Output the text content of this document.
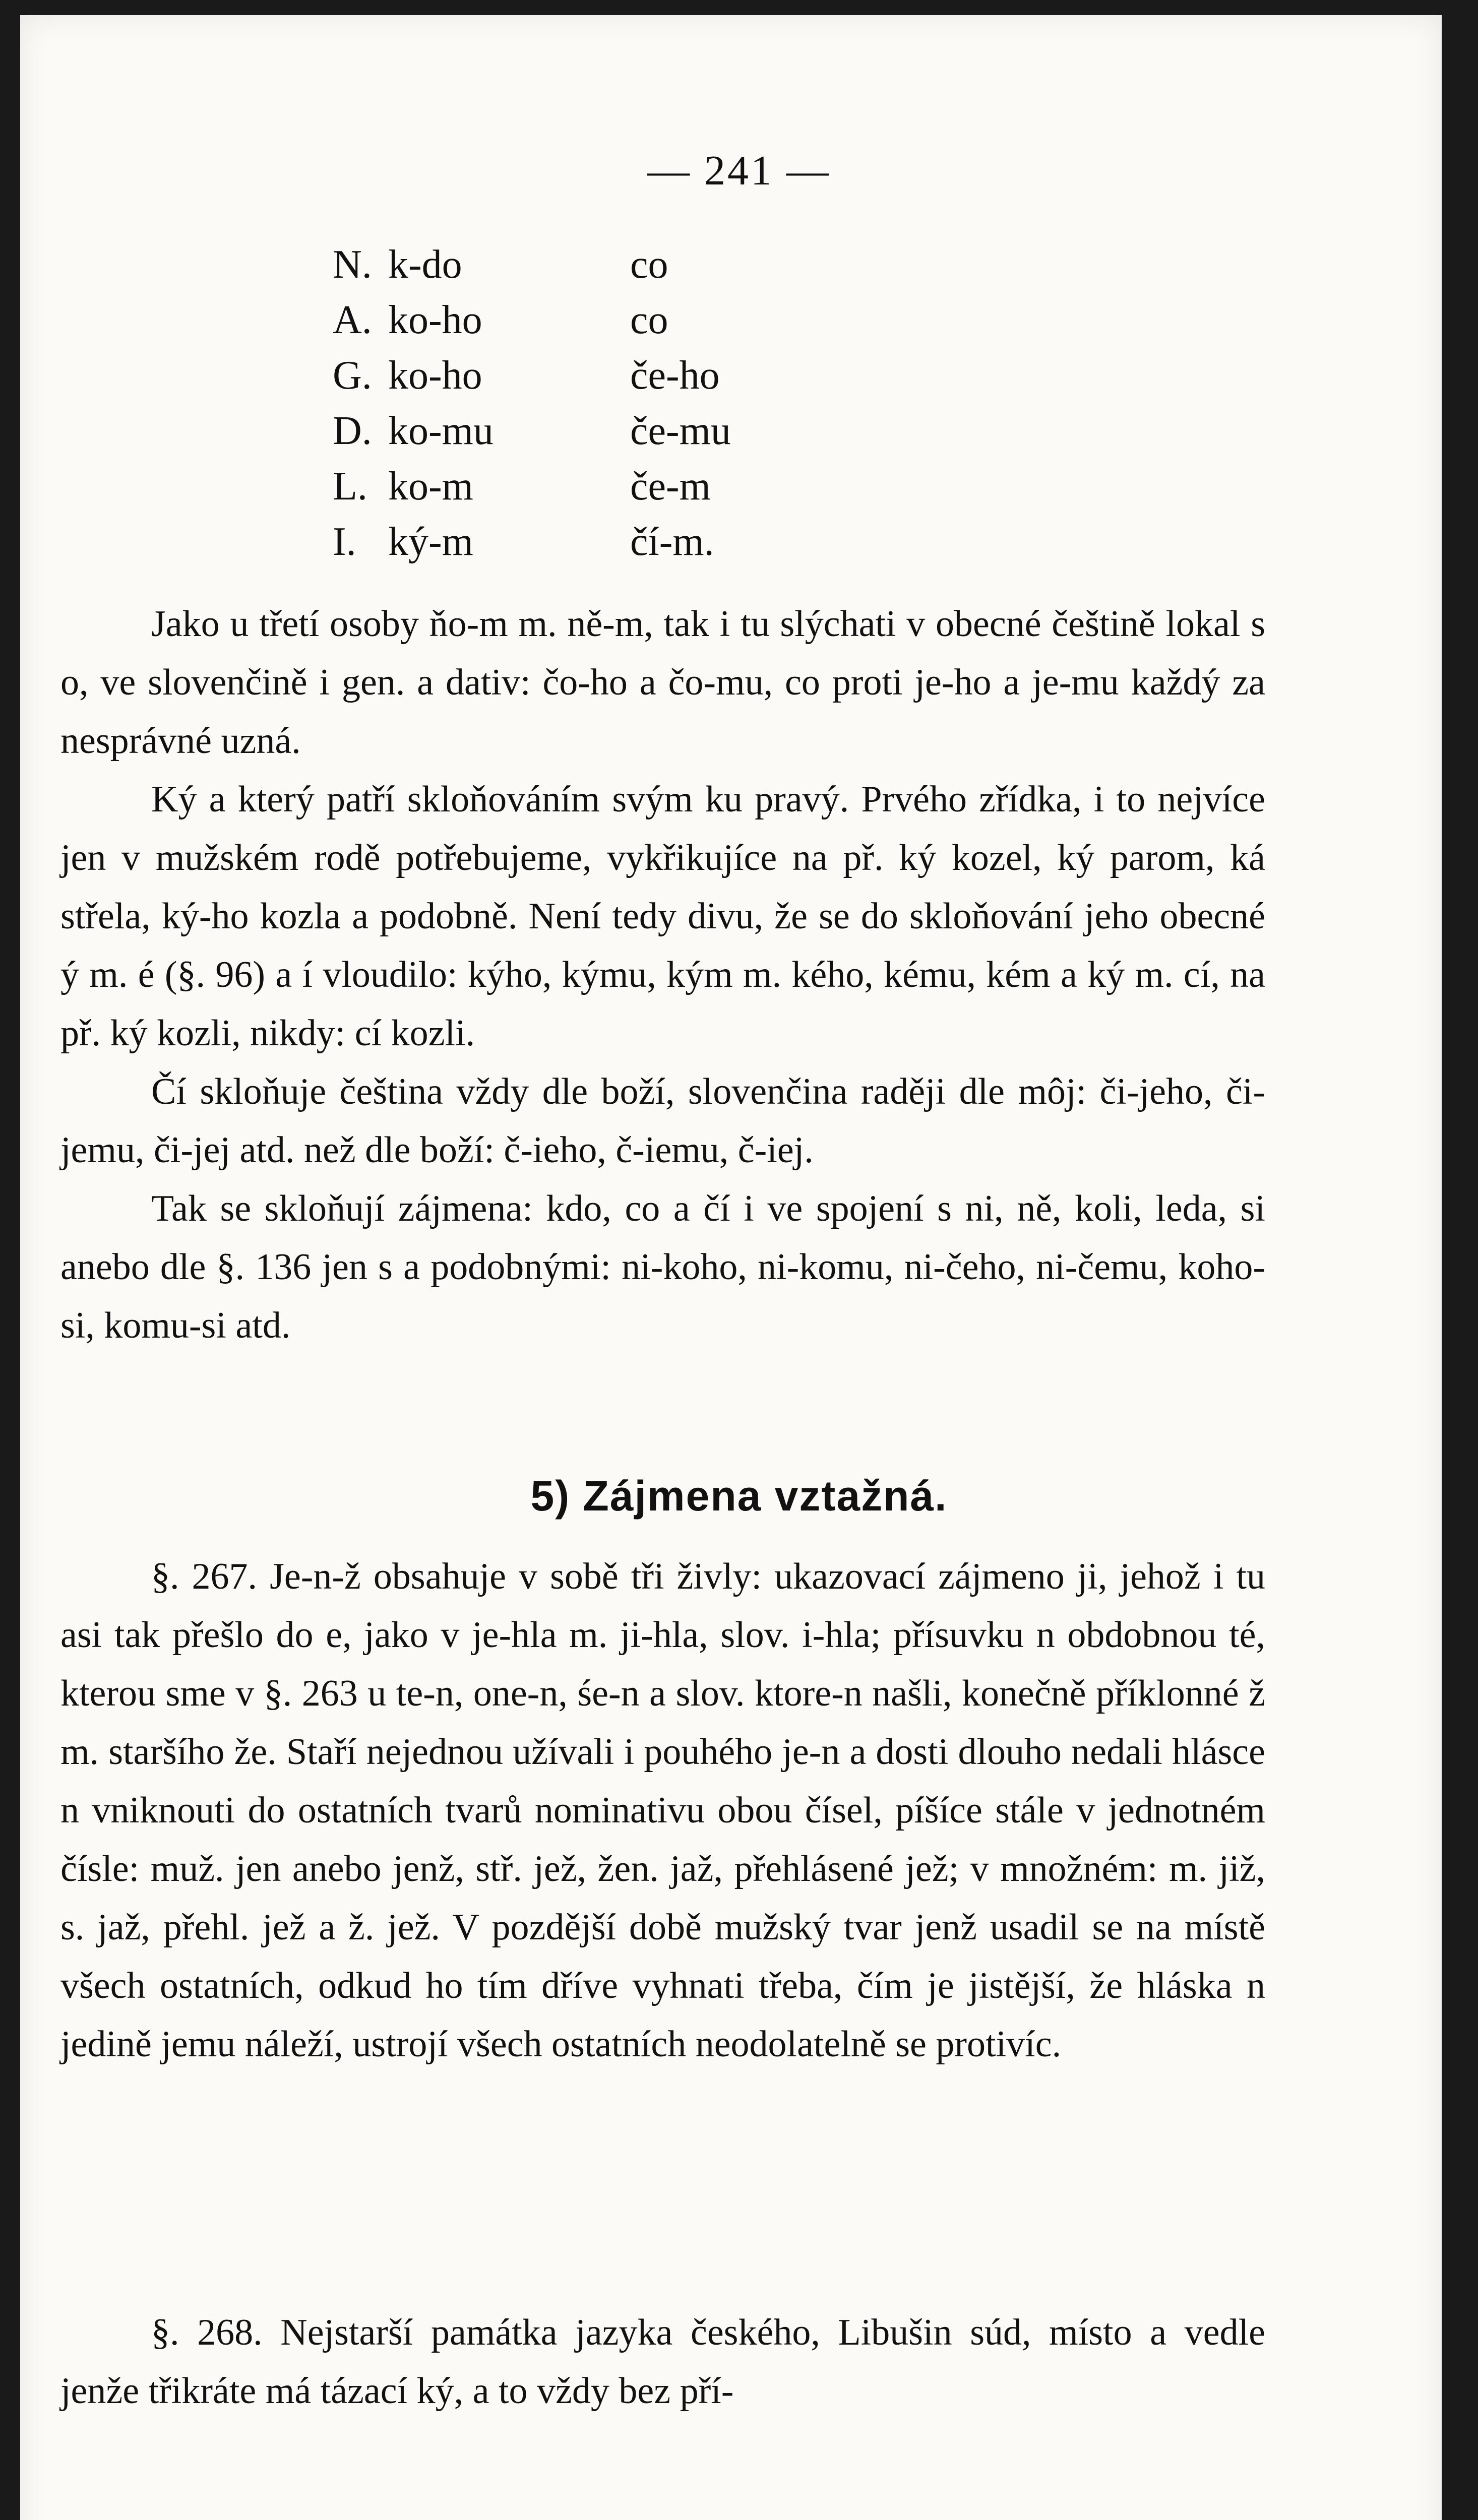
— 241 —
N. k-do	co
A. ko-ho	co
G. ko-ho	če-ho
D. ko-mu	če-mu
L. ko-m	če-m
I. ký-m	čí-m.

Jako u třetí osoby ňo-m m. ně-m, tak i tu slýchati v obecné češtině lokal s o, ve slovenčině i gen. a dativ: čo-ho a čo-mu, co proti je-ho a je-mu každý za nesprávné uzná.

Ký a který patří skloňováním svým ku pravý. Prvého zřídka, i to nejvíce jen v mužském rodě potřebujeme, vykřikujíce na př. ký kozel, ký parom, ká střela, ký-ho kozla a podobně. Není tedy divu, že se do skloňování jeho obecné ý m. é (§. 96) a í vloudilo: kýho, kýmu, kým m. kého, kému, kém a ký m. cí, na př. ký kozli, nikdy: cí kozli.

Čí skloňuje čeština vždy dle boží, slovenčina raději dle môj: či-jeho, či-jemu, či-jej atd. než dle boží: č-ieho, č-iemu, č-iej.

Tak se skloňují zájmena: kdo, co a čí i ve spojení s ni, ně, koli, leda, si anebo dle §. 136 jen s a podobnými: ni-koho, ni-komu, ni-čeho, ni-čemu, koho-si, komu-si atd.

5) Zájmena vztažná.

§. 267. Je-n-ž obsahuje v sobě tři živly: ukazovací zájmeno ji, jehož i tu asi tak přešlo do e, jako v je-hla m. ji-hla, slov. i-hla; přísuvku n obdobnou té, kterou sme v §. 263 u te-n, one-n, śe-n a slov. ktore-n našli, konečně příklonné ž m. staršího že. Staří nejednou užívali i pouhého je-n a dosti dlouho nedali hlásce n vniknouti do ostatních tvarů nominativu obou čísel, píšíce stále v jednotném čísle: muž. jen anebo jenž, stř. jež, žen. jaž, přehlásené jež; v množném: m. již, s. jaž, přehl. jež a ž. jež. V pozdější době mužský tvar jenž usadil se na místě všech ostatních, odkud ho tím dříve vyhnati třeba, čím je jistější, že hláska n jedině jemu náleží, ustrojí všech ostatních neodolatelně se protivíc.

§. 268. Nejstarší památka jazyka českého, Libušin súd, místo a vedle jenže třikráte má tázací ký, a to vždy bez pří-
